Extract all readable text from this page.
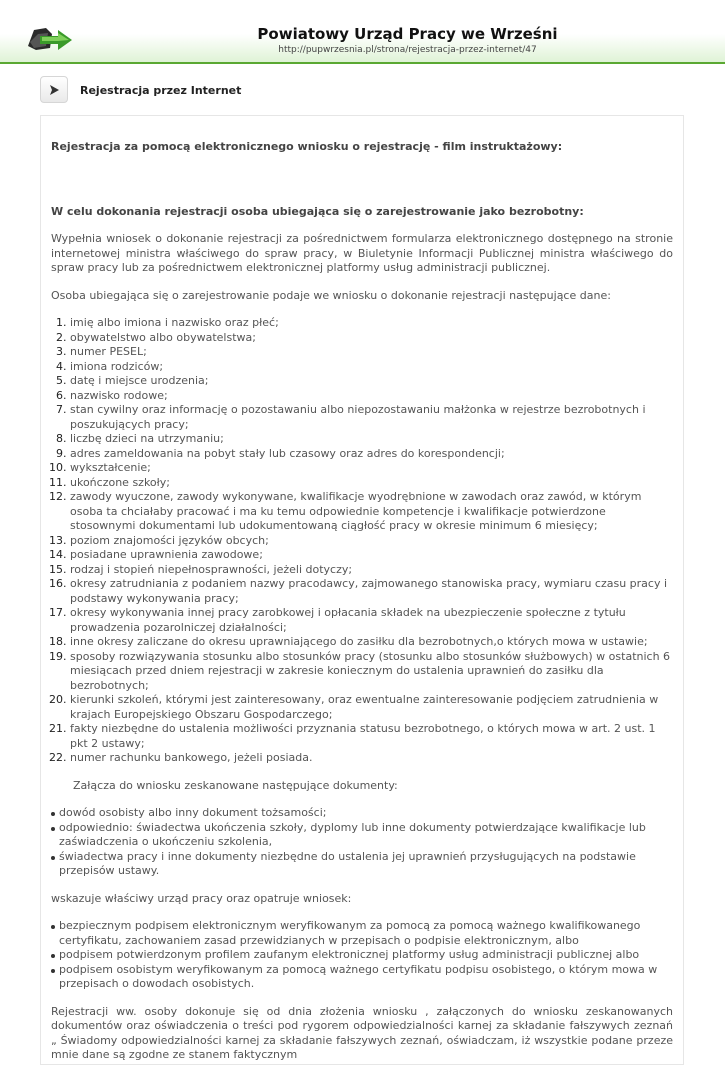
Powiatowy Urząd Pracy we Wrześni
http://pupwrzesnia.pl/strona/rejestracja-przez-internet/47
Rejestracja przez Internet
Rejestracja za pomocą elektronicznego wniosku o rejestrację - film instruktażowy:
W celu dokonania rejestracji osoba ubiegająca się o zarejestrowanie jako bezrobotny:

Wypełnia wniosek o dokonanie rejestracji za pośrednictwem formularza elektronicznego dostępnego na stronie internetowej ministra właściwego do spraw pracy, w Biuletynie Informacji Publicznej ministra właściwego do spraw pracy lub za pośrednictwem elektronicznej platformy usług administracji publicznej.

Osoba ubiegająca się o zarejestrowanie podaje we wniosku o dokonanie rejestracji następujące dane:

1. imię albo imiona i nazwisko oraz płeć;
2. obywatelstwo albo obywatelstwa;
3. numer PESEL;
4. imiona rodziców;
5. datę i miejsce urodzenia;
6. nazwisko rodowe;
7. stan cywilny oraz informację o pozostawaniu albo niepozostawaniu małżonka w rejestrze bezrobotnych i poszukujących pracy;
8. liczbę dzieci na utrzymaniu;
9. adres zameldowania na pobyt stały lub czasowy oraz adres do korespondencji;
10. wykształcenie;
11. ukończone szkoły;
12. zawody wyuczone, zawody wykonywane, kwalifikacje wyodrębnione w zawodach oraz zawód, w którym osoba ta chciałaby pracować i ma ku temu odpowiednie kompetencje i kwalifikacje potwierdzone stosownymi dokumentami lub udokumentowaną ciągłość pracy w okresie minimum 6 miesięcy;
13. poziom znajomości języków obcych;
14. posiadane uprawnienia zawodowe;
15. rodzaj i stopień niepełnosprawności, jeżeli dotyczy;
16. okresy zatrudniania z podaniem nazwy pracodawcy, zajmowanego stanowiska pracy, wymiaru czasu pracy i podstawy wykonywania pracy;
17. okresy wykonywania innej pracy zarobkowej i opłacania składek na ubezpieczenie społeczne z tytułu prowadzenia pozarolniczej działalności;
18. inne okresy zaliczane do okresu uprawniającego do zasiłku dla bezrobotnych,o których mowa w ustawie;
19. sposoby rozwiązywania stosunku albo stosunków pracy (stosunku albo stosunków służbowych) w ostatnich 6 miesiącach przed dniem rejestracji w zakresie koniecznym do ustalenia uprawnień do zasiłku dla bezrobotnych;
20. kierunki szkoleń, którymi jest zainteresowany, oraz ewentualne zainteresowanie podjęciem zatrudnienia w krajach Europejskiego Obszaru Gospodarczego;
21. fakty niezbędne do ustalenia możliwości przyznania statusu bezrobotnego, o których mowa w art. 2 ust. 1 pkt 2 ustawy;
22. numer rachunku bankowego, jeżeli posiada.

Załącza do wniosku zeskanowane następujące dokumenty:

dowód osobisty albo inny dokument tożsamości;
odpowiednio: świadectwa ukończenia szkoły, dyplomy lub inne dokumenty potwierdzające kwalifikacje lub zaświadczenia o ukończeniu szkolenia,
świadectwa pracy i inne dokumenty niezbędne do ustalenia jej uprawnień przysługujących na podstawie przepisów ustawy.

wskazuje właściwy urząd pracy oraz opatruje wniosek:

bezpiecznym podpisem elektronicznym weryfikowanym za pomocą za pomocą ważnego kwalifikowanego certyfikatu, zachowaniem zasad przewidzianych w przepisach o podpisie elektronicznym, albo
podpisem potwierdzonym profilem zaufanym elektronicznej platformy usług administracji publicznej albo
podpisem osobistym weryfikowanym za pomocą ważnego certyfikatu podpisu osobistego, o którym mowa w przepisach o dowodach osobistych.

Rejestracji ww. osoby dokonuje się od dnia złożenia wniosku , załączonych do wniosku zeskanowanych dokumentów oraz oświadczenia o treści pod rygorem odpowiedzialności karnej za składanie fałszywych zeznań „ Świadomy odpowiedzialności karnej za składanie fałszywych zeznań, oświadczam, iż wszystkie podane przeze mnie dane są zgodne ze stanem faktycznym
